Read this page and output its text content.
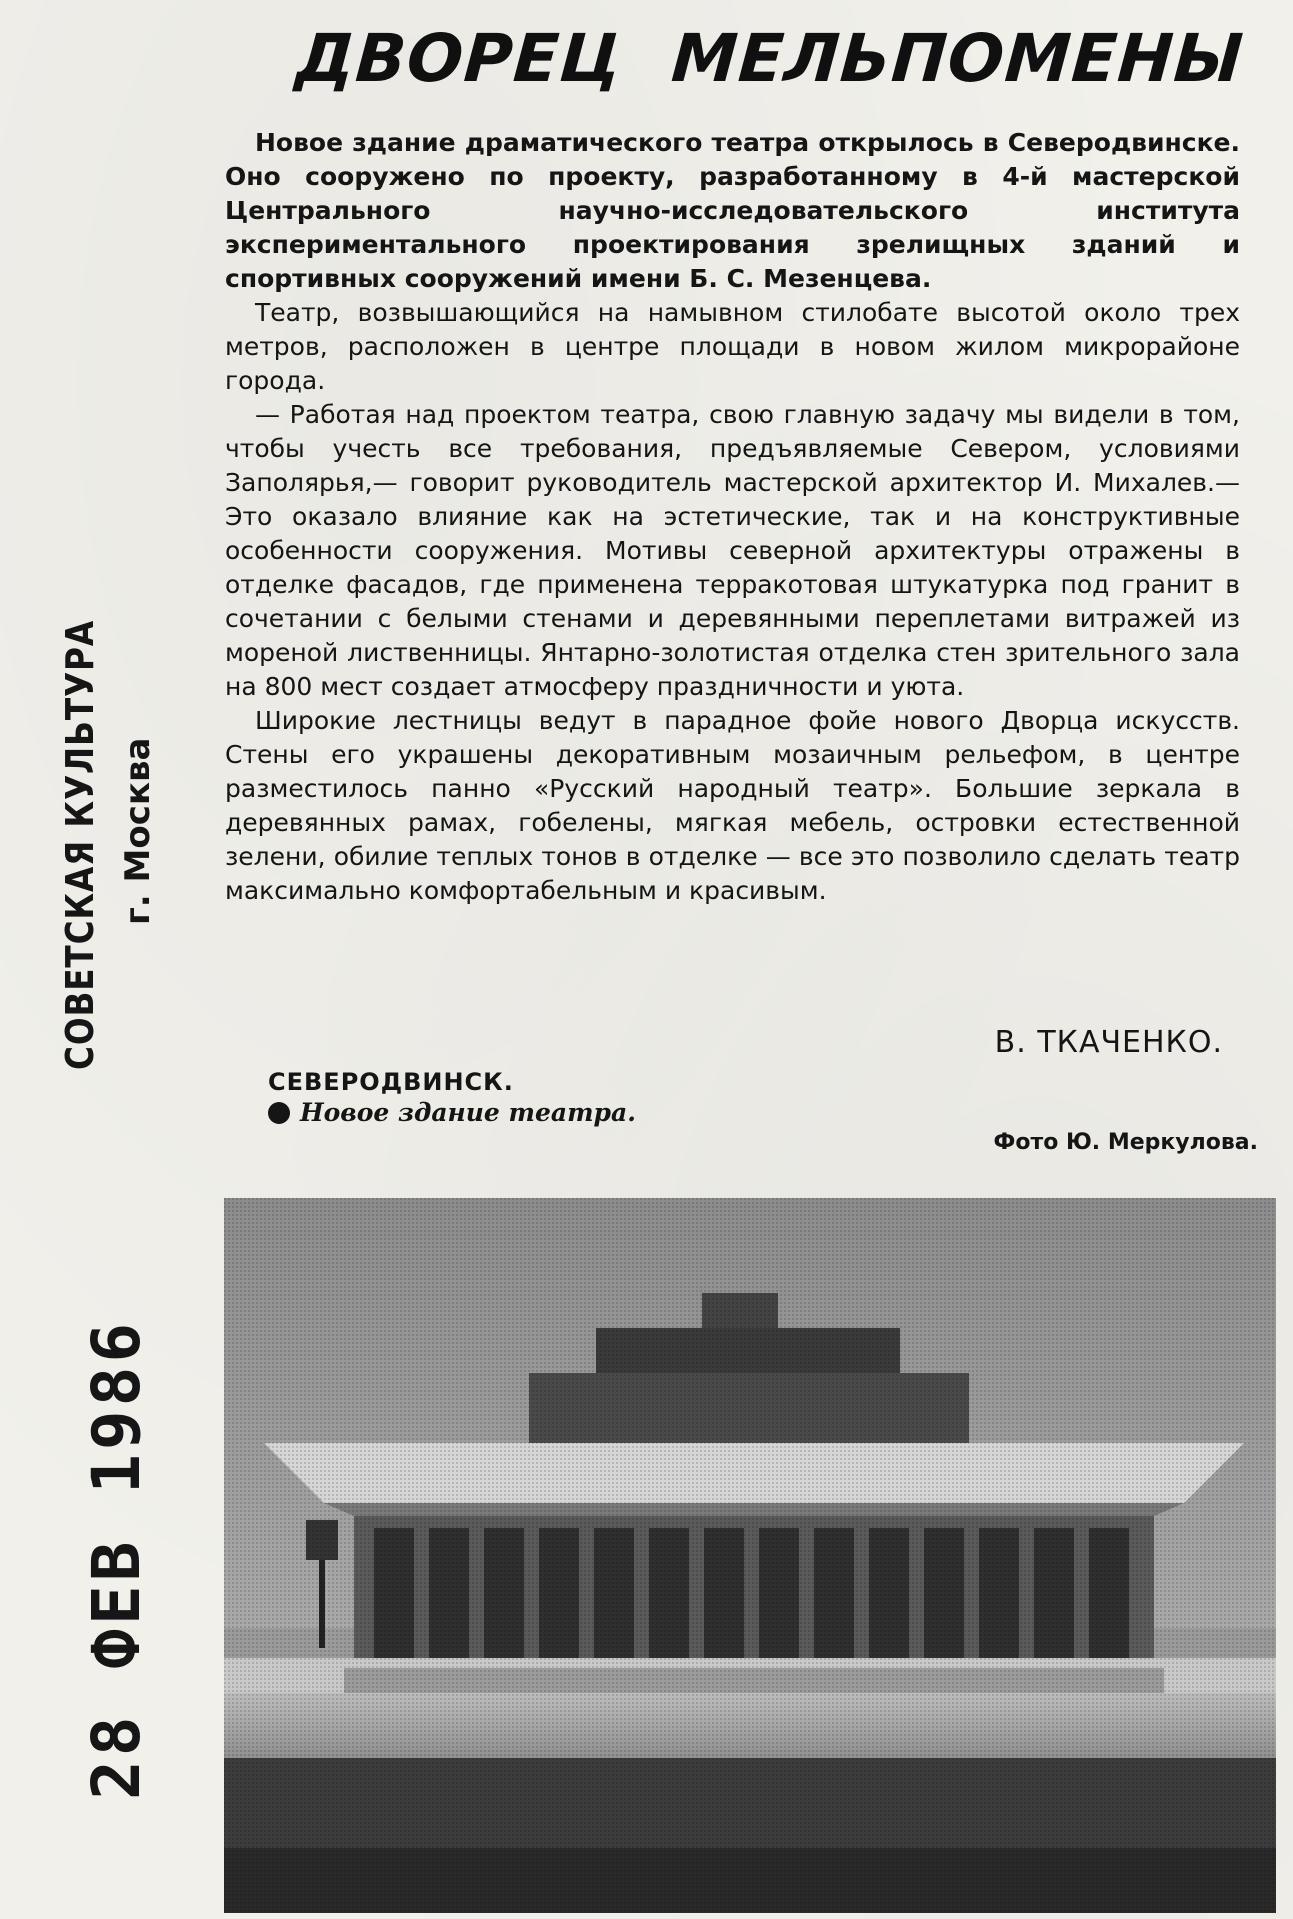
СОВЕТСКАЯ КУЛЬТУРА г. Москва
28 ФЕВ 1986
ДВОРЕЦ МЕЛЬПОМЕНЫ

Новое здание драматического театра открылось в Северодвинске. Оно сооружено по проекту, разработанному в 4-й мастерской Центрального научно-исследовательского института экспериментального проектирования зрелищных зданий и спортивных сооружений имени Б. С. Мезенцева.

Театр, возвышающийся на намывном стилобате высотой около трех метров, расположен в центре площади в новом жилом микрорайоне города.

— Работая над проектом театра, свою главную задачу мы видели в том, чтобы учесть все требования, предъявляемые Севером, условиями Заполярья,— говорит руководитель мастерской архитектор И. Михалев.— Это оказало влияние как на эстетические, так и на конструктивные особенности сооружения. Мотивы северной архитектуры отражены в отделке фасадов, где применена терракотовая штукатурка под гранит в сочетании с белыми стенами и деревянными переплетами витражей из мореной лиственницы. Янтарно-золотистая отделка стен зрительного зала на 800 мест создает атмосферу праздничности и уюта.

Широкие лестницы ведут в парадное фойе нового Дворца искусств. Стены его украшены декоративным мозаичным рельефом, в центре разместилось панно «Русский народный театр». Большие зеркала в деревянных рамах, гобелены, мягкая мебель, островки естественной зелени, обилие теплых тонов в отделке — все это позволило сделать театр максимально комфортабельным и красивым.

В. ТКАЧЕНКО.
СЕВЕРОДВИНСК.
Новое здание театра.
Фото Ю. Меркулова.
